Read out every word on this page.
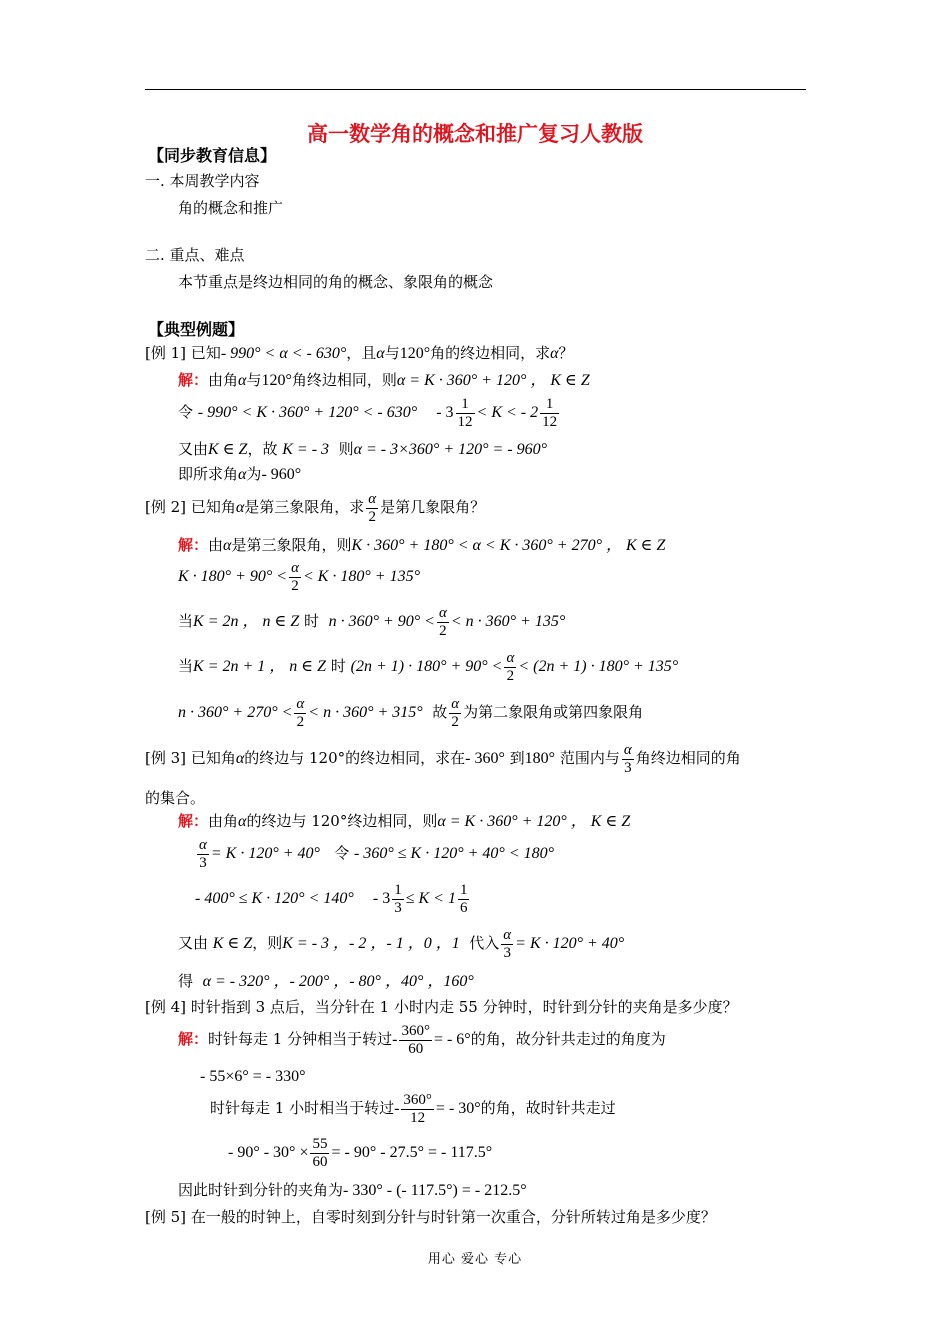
高一数学角的概念和推广复习人教版
【同步教育信息】
一. 本周教学内容
角的概念和推广
二. 重点、难点
本节重点是终边相同的角的概念、象限角的概念
【典型例题】
[例 1] 已知- 990° < α < - 630°，且α与120°角的终边相同，求α？
解：由角α与120°角终边相同，则α = K · 360° + 120° ， K ∈ Z
令 - 990° < K · 360° + 120° < - $630^\circ - 3 \frac{1}{12} < K$ < - $2 \frac{1}{12}$
又由K ∈ Z，故 K = - 3 则α = - 3×360° + 120° = - 960°
即所求角α为- 960°
[例 2] 已知角α是第三象限角，求 $\frac{\alpha}{2}$ 是第几象限角？
解：由α是第三象限角，则K · 360° + 180° < α < K · 360° + 270° ， K ∈ Z
$K \cdot 180^\circ + 90^\circ < \frac{\alpha}{2} < K \cdot 180^\circ + 135^\circ$
当K = 2n ， n ∈ Z 时 $n \cdot 360^\circ + 90^\circ < \frac{\alpha}{2} < n \cdot 360^\circ + 135^\circ$
当K = 2n + 1 ， n ∈ Z 时 $(2n + 1) \cdot 180^\circ + 90^\circ < \frac{\alpha}{2} < (2n + 1) \cdot 180^\circ + 135^\circ$
$n \cdot 360^\circ + 270^\circ < \frac{\alpha}{2} < n \cdot 360^\circ + 315^\circ$ 故 $\frac{\alpha}{2}$ 为第二象限角或第四象限角
[例 3] 已知角α的终边与 120°的终边相同，求在- 360° 到180° 范围内与 $\frac{\alpha}{3}$ 角终边相同的角
的集合。
解：由角α的终边与 120°终边相同，则α = K · 360° + 120° ， K ∈ Z
$\frac{\alpha}{3} = K \cdot 120^\circ + 40^\circ$ 令 - 360° ≤ K · 120° + 40° < 180°
- $400^\circ \le K \cdot 120^\circ < 140^\circ - 3 \frac{1}{3} \le K < 1 \frac{1}{6}$
又由 K ∈ Z，则K = - 3 ，- 2 ，- 1 ，0 ，1 代入 $\frac{\alpha}{3} = K \cdot 120^\circ + 40^\circ$
得 α = - 320° ，- 200° ，- 80° ，40° ，160°
[例 4] 时针指到 3 点后，当分针在 1 小时内走 55 分钟时，时针到分针的夹角是多少度？
解：时针每走 1 分钟相当于转过- $\frac{360^\circ}{60}$ = - 6°的角，故分针共走过的角度为
- 55×6° = - 330°
时针每走 1 小时相当于转过- $\frac{360^\circ}{12}$ = - 30°的角，故时针共走过
- $90^\circ - 30^\circ \times \frac{55}{60}$ = - 90° - 27.5° = - 117.5°
因此时针到分针的夹角为- 330° - (- 117.5°) = - 212.5°
[例 5] 在一般的时钟上，自零时刻到分针与时针第一次重合，分针所转过角是多少度？
用心 爱心 专心
